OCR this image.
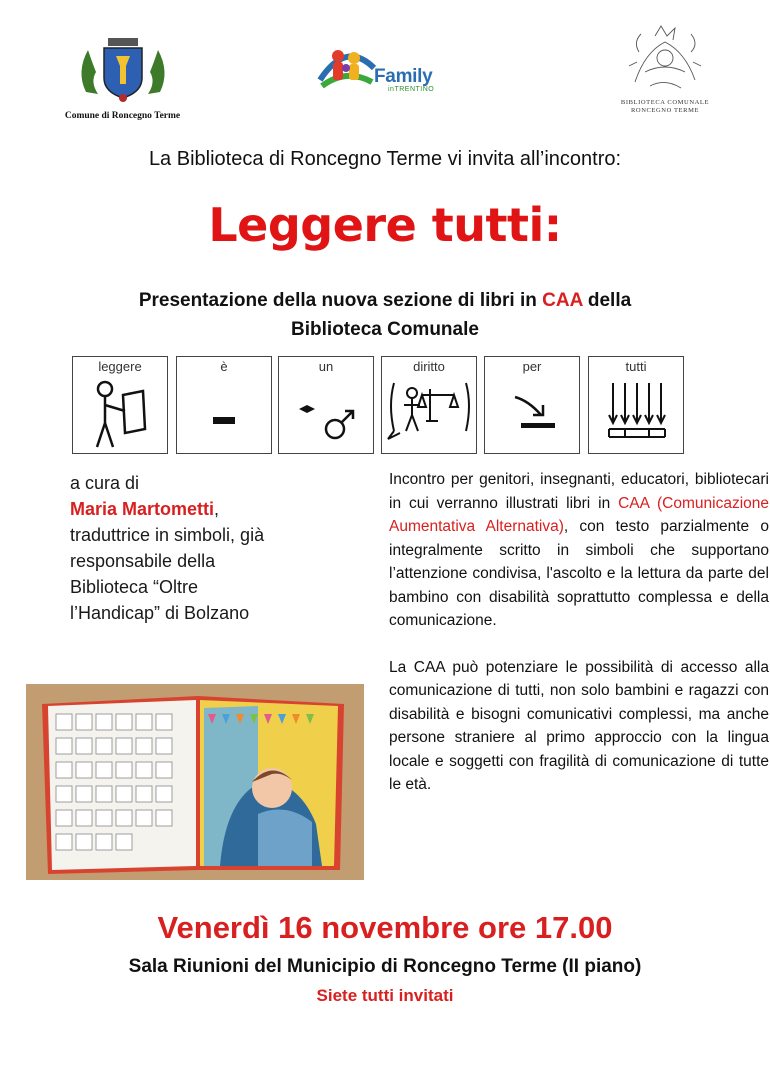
Comune di Roncegno Terme
Family
inTRENTINO
BIBLIOTECA COMUNALE
RONCEGNO TERME
La Biblioteca di Roncegno Terme vi invita all’incontro:
Leggere tutti:
Presentazione della nuova sezione di libri in CAA della
Biblioteca Comunale
leggere	è	un	diritto	per	tutti
a cura di
Maria Martometti,
traduttrice in simboli, già
responsabile della
Biblioteca “Oltre
l’Handicap” di Bolzano

Incontro per genitori, insegnanti, educatori, bibliotecari in cui verranno illustrati libri in CAA (Comunicazione Aumentativa Alternativa), con testo parzialmente o integralmente scritto in simboli che supportano l’attenzione condivisa, l'ascolto e la lettura da parte del bambino con disabilità soprattutto complessa e della comunicazione.

La CAA può potenziare le possibilità di accesso alla comunicazione di tutti, non solo bambini e ragazzi con disabilità e bisogni comunicativi complessi, ma anche persone straniere al primo approccio con la lingua locale e soggetti con fragilità di comunicazione di tutte le età.

Venerdì 16 novembre ore 17.00
Sala Riunioni del Municipio di Roncegno Terme (II piano)
Siete tutti invitati
